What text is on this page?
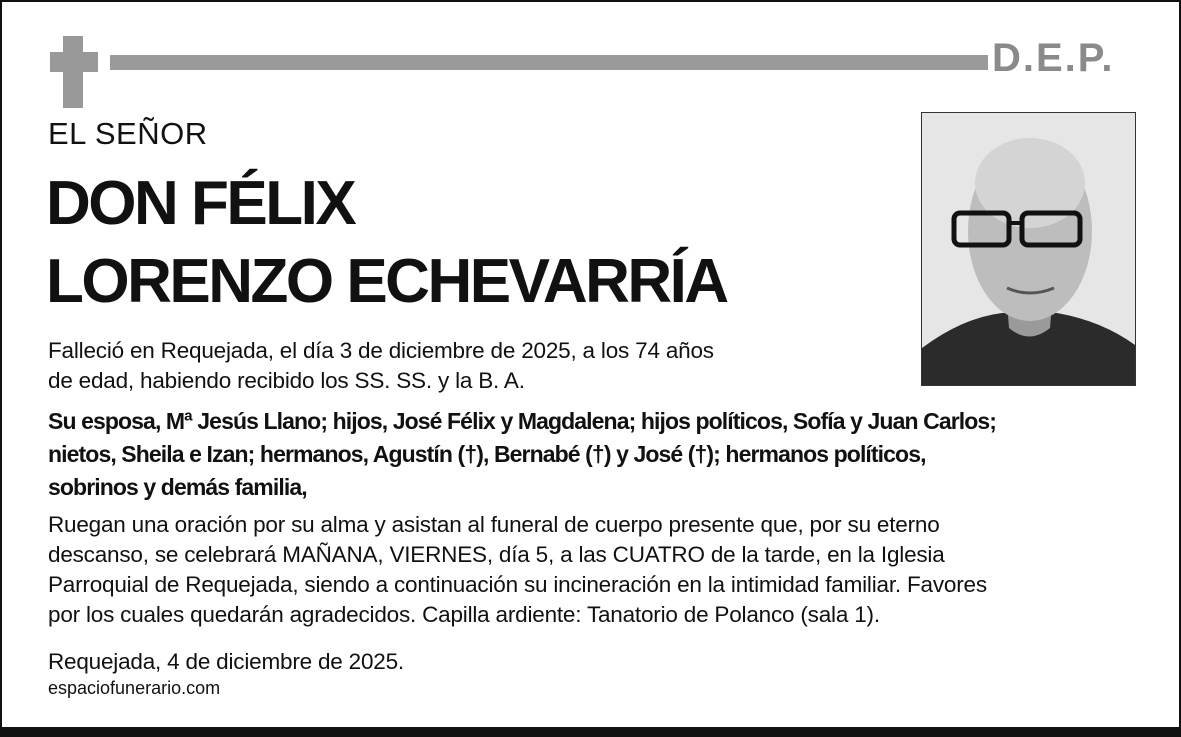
D.E.P.
EL SEÑOR
DON FÉLIX
LORENZO ECHEVARRÍA
Falleció en Requejada, el día 3 de diciembre de 2025, a los 74 años
de edad, habiendo recibido los SS. SS. y la B. A.
Su esposa, Mª Jesús Llano; hijos, José Félix y Magdalena; hijos políticos, Sofía y Juan Carlos;
nietos, Sheila e Izan; hermanos, Agustín (†), Bernabé (†) y José (†); hermanos políticos,
sobrinos y demás familia,
Ruegan una oración por su alma y asistan al funeral de cuerpo presente que, por su eterno
descanso, se celebrará MAÑANA, VIERNES, día 5, a las CUATRO de la tarde, en la Iglesia
Parroquial de Requejada, siendo a continuación su incineración en la intimidad familiar. Favores
por los cuales quedarán agradecidos. Capilla ardiente: Tanatorio de Polanco (sala 1).
Requejada, 4 de diciembre de 2025.
espaciofunerario.com
